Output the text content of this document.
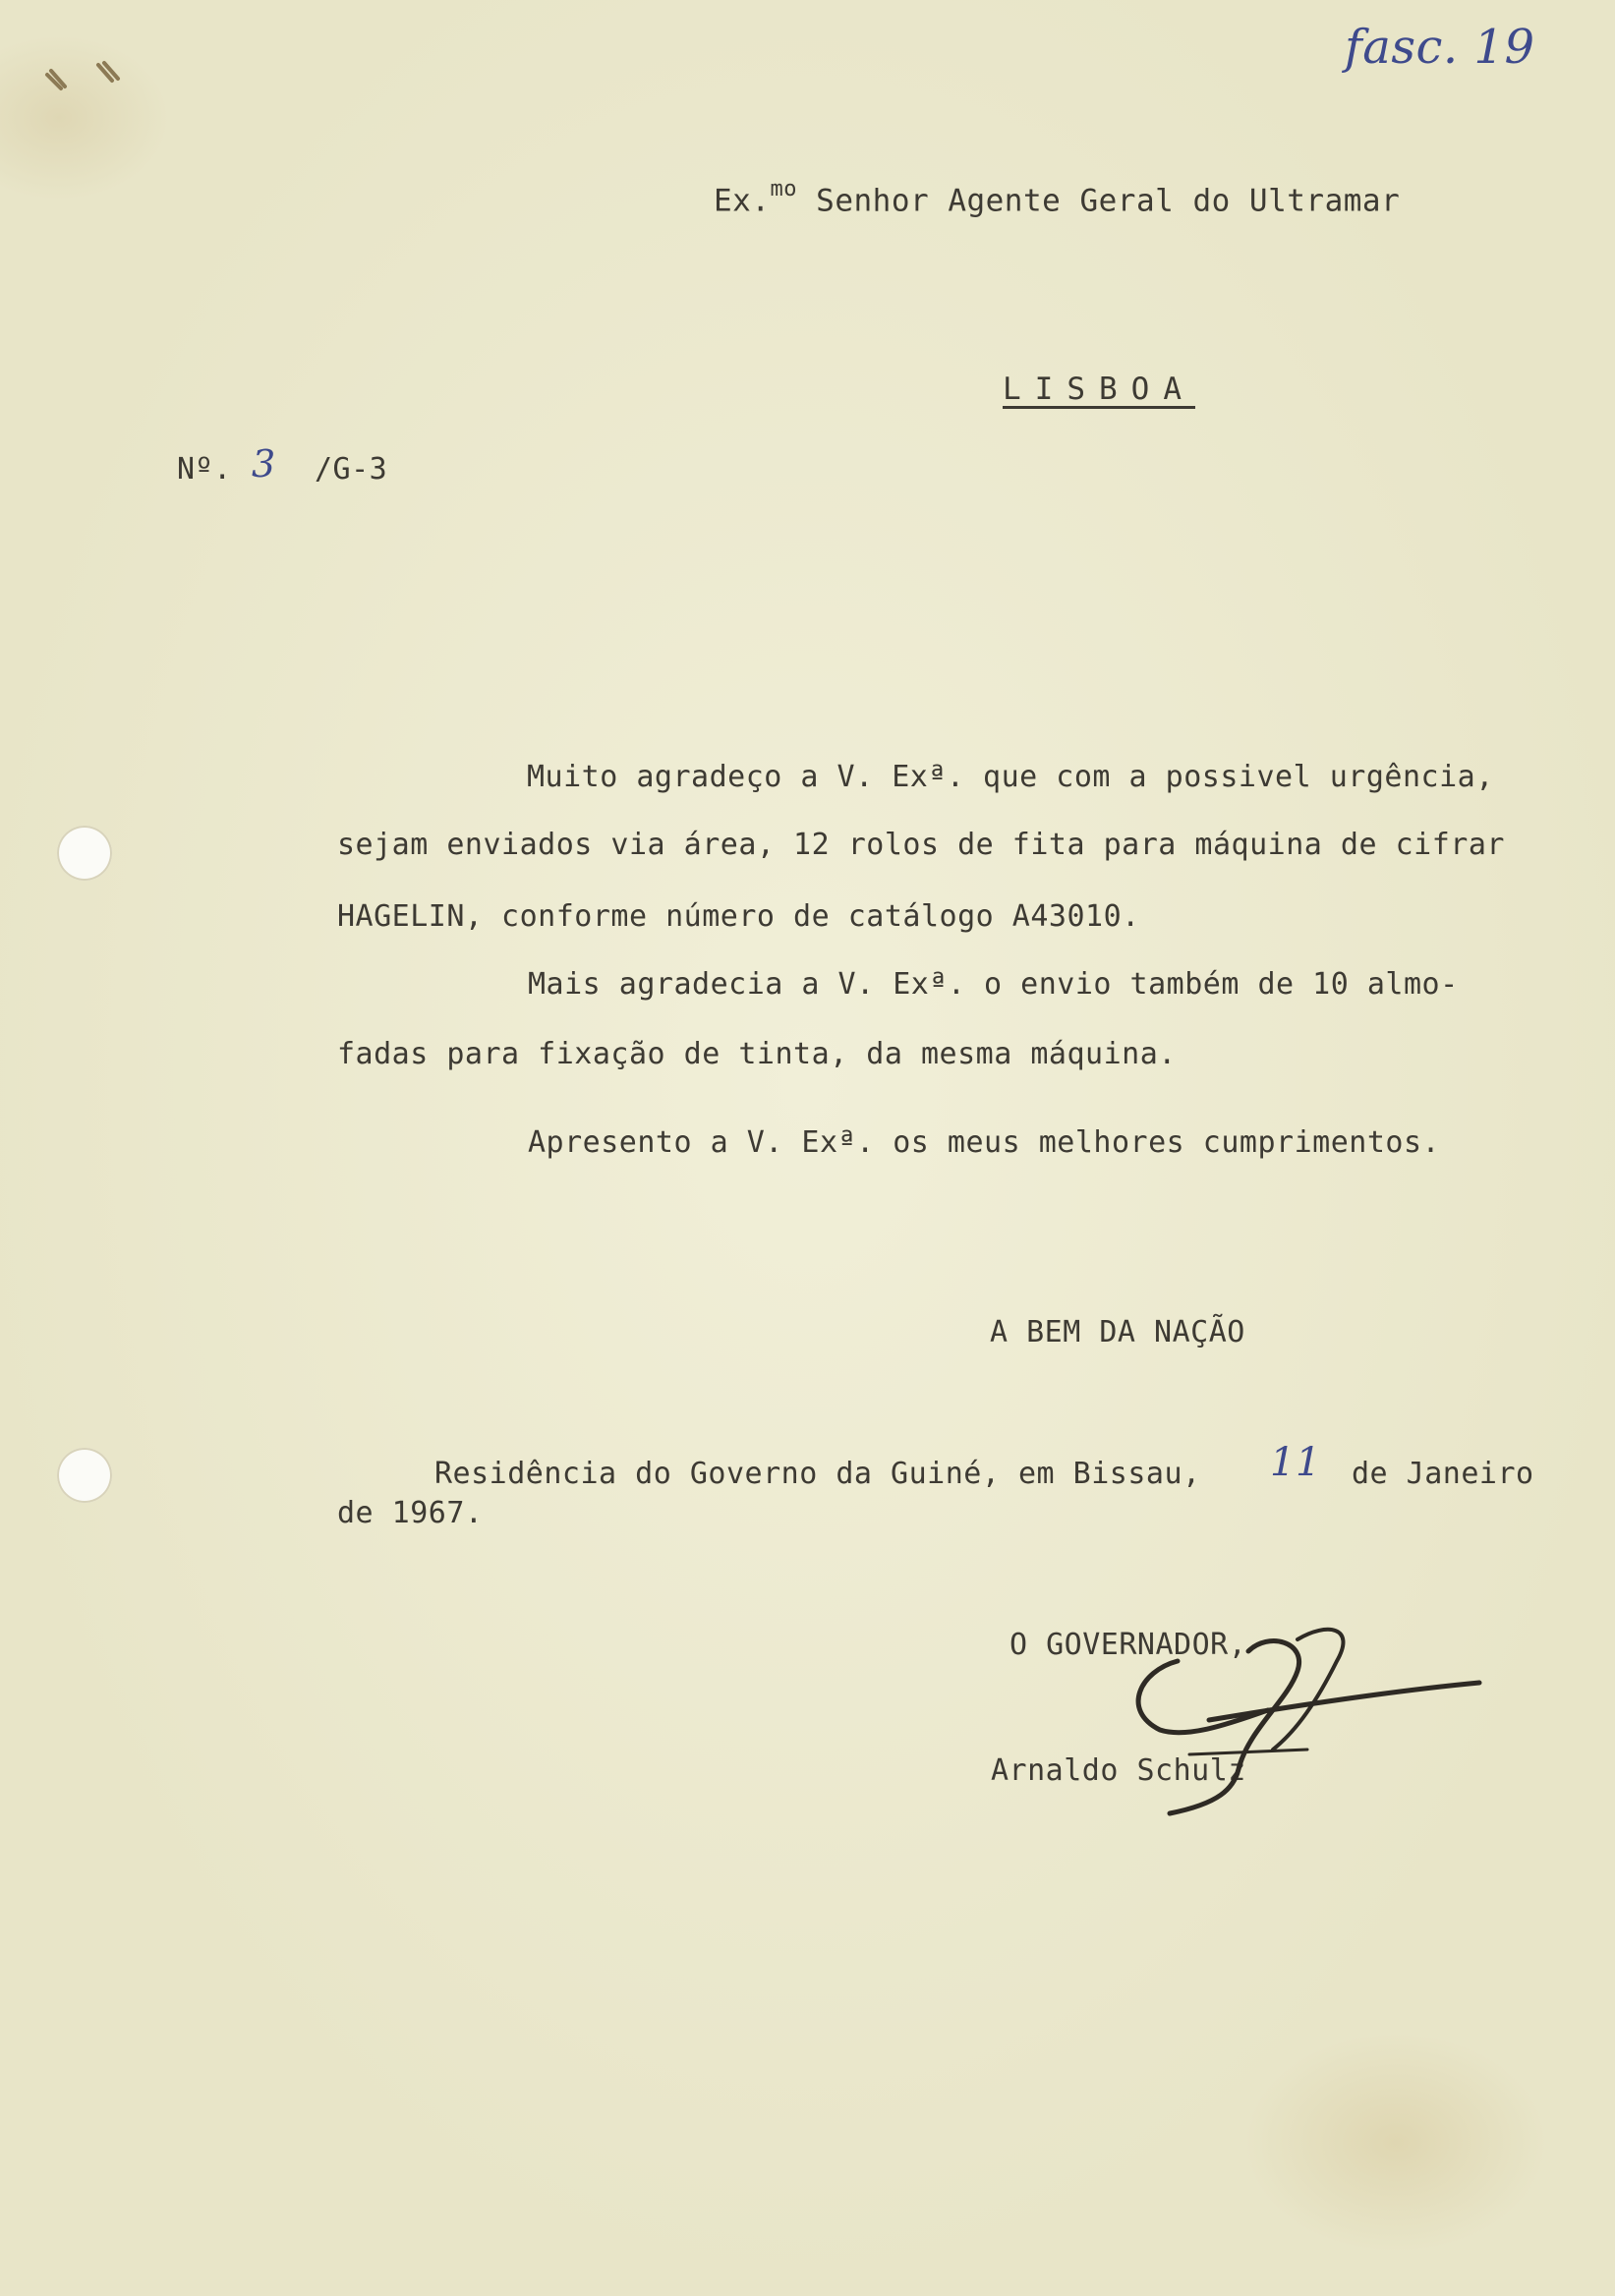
fasc. 19
Ex.$^{mo}$ Senhor Agente Geral do Ultramar
LISBOA
Nº. 3 /G-3
Muito agradeço a V. Exª. que com a possivel urgência,
sejam enviados via área, 12 rolos de fita para máquina de cifrar
HAGELIN, conforme número de catálogo A43010.
Mais agradecia a V. Exª. o envio também de 10 almo-
fadas para fixação de tinta, da mesma máquina.
Apresento a V. Exª. os meus melhores cumprimentos.
A BEM DA NAÇÃO
Residência do Governo da Guiné, em Bissau, 11 de Janeiro
de 1967.
O GOVERNADOR,
Arnaldo Schulz
